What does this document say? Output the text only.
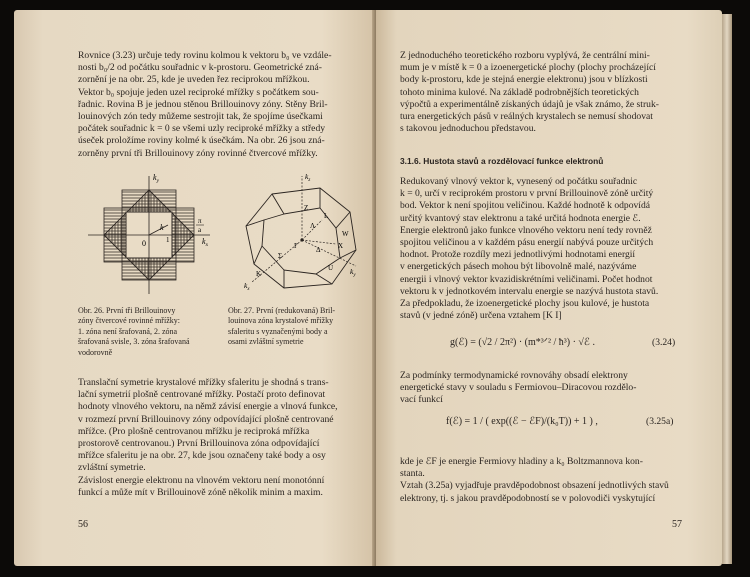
Rovnice (3.23) určuje tedy rovinu kolmou k vektoru b₀ ve vzdále-
nosti b₀/2 od počátku souřadnic v k-prostoru. Geometrické zná-
zornění je na obr. 25, kde je uveden řez reciprokou mřížkou.
Vektor b₀ spojuje jeden uzel reciproké mřížky s počátkem sou-
řadnic. Rovina B je jednou stěnou Brillouinovy zóny. Stěny Bril-
louinových zón tedy můžeme sestrojit tak, že spojíme úsečkami
počátek souřadnic k = 0 se všemi uzly reciproké mřížky a středy
úseček proložíme roviny kolmé k úsečkám. Na obr. 26 jsou zná-
zorněny první tři Brillouinovy zóny rovinné čtvercové mřížky.

$k_y$
$k_x$
0
k
1
π
a
$k_z$
$k_y$
$k_x$
Γ
Λ
L
Δ
Σ
X
K
W
U
Z

Obr. 26. První tři Brillouinovy
zóny čtvercové rovinné mřížky:
1. zóna není šrafovaná, 2. zóna
šrafovaná svisle, 3. zóna šrafovaná
vodorovně

Obr. 27. První (redukovaná) Bril-
louinova zóna krystalové mřížky
sfaleritu s vyznačenými body a
osami zvláštní symetrie

Translační symetrie krystalové mřížky sfaleritu je shodná s trans-
lační symetrií plošně centrované mřížky. Postačí proto definovat
hodnoty vlnového vektoru, na němž závisí energie a vlnová funkce,
v rozmezí první Brillouinovy zóny odpovídající plošně centrované
mřížce. (Pro plošně centrovanou mřížku je reciproká mřížka
prostorově centrovanou.) První Brillouinova zóna odpovídající
mřížce sfaleritu je na obr. 27, kde jsou označeny také body a osy
zvláštní symetrie.
Závislost energie elektronu na vlnovém vektoru není monotónní
funkcí a může mít v Brillouinově zóně několik minim a maxim.

56

Z jednoduchého teoretického rozboru vyplývá, že centrální mini-
mum je v místě k = 0 a izoenergetické plochy (plochy procházející
body k-prostoru, kde je stejná energie elektronu) jsou v blízkosti
tohoto minima kulové. Na základě podrobnějších teoretických
výpočtů a experimentálně získaných údajů je však známo, že struk-
tura energetických pásů v reálných krystalech se nemusí shodovat
s takovou jednoduchou představou.

3.1.6. Hustota stavů a rozdělovací funkce elektronů

Redukovaný vlnový vektor k, vynesený od počátku souřadnic
k = 0, určí v reciprokém prostoru v první Brillouinově zóně určitý
bod. Vektor k není spojitou veličinou. Každé hodnotě k odpovídá
určitý kvantový stav elektronu a také určitá hodnota energie ℰ.
Energie elektronů jako funkce vlnového vektoru není tedy rovněž
spojitou veličinou a v každém pásu energií nabývá pouze určitých
hodnot. Protože rozdíly mezi jednotlivými hodnotami energií
v energetických pásech mohou být libovolně malé, nazýváme
energii i vlnový vektor kvazidiskrétními veličinami. Počet hodnot
vektoru k v jednotkovém intervalu energie se nazývá hustota stavů.
Za předpokladu, že izoenergetické plochy jsou kulové, je hustota
stavů (v jedné zóně) určena vztahem [K I]

g(ℰ) = (√2 / 2π²) · (m*³ᐟ² / ħ³) · √ℰ .	(3.24)

Za podmínky termodynamické rovnováhy obsadí elektrony
energetické stavy v souladu s Fermiovou–Diracovou rozdělo-
vací funkcí

f(ℰ) = 1 / ( exp((ℰ − ℰF)/(k₀T)) + 1 ) ,	(3.25a)

kde je ℰF je energie Fermiovy hladiny a k₀ Boltzmannova kon-
stanta.
Vztah (3.25a) vyjadřuje pravděpodobnost obsazení jednotlivých stavů
elektrony, tj. s jakou pravděpodobností se v polovodiči vyskytující

57
